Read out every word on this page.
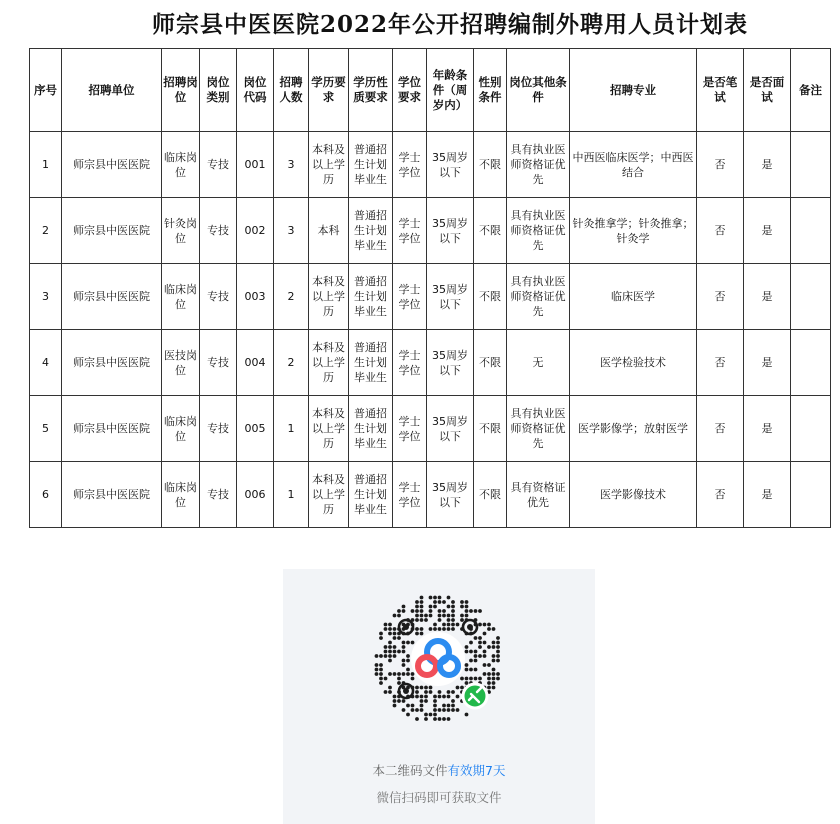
师宗县中医医院2022年公开招聘编制外聘用人员计划表
序号	招聘单位	招聘岗位	岗位类别	岗位代码	招聘人数	学历要求	学历性质要求	学位要求	年龄条件（周岁内）	性别条件	岗位其他条件	招聘专业	是否笔试	是否面试	备注
1	师宗县中医医院	临床岗位	专技	001	3	本科及以上学历	普通招生计划毕业生	学士学位	35周岁以下	不限	具有执业医师资格证优先	中西医临床医学；中西医结合	否	是	
2	师宗县中医医院	针灸岗位	专技	002	3	本科	普通招生计划毕业生	学士学位	35周岁以下	不限	具有执业医师资格证优先	针灸推拿学；针灸推拿；针灸学	否	是	
3	师宗县中医医院	临床岗位	专技	003	2	本科及以上学历	普通招生计划毕业生	学士学位	35周岁以下	不限	具有执业医师资格证优先	临床医学	否	是	
4	师宗县中医医院	医技岗位	专技	004	2	本科及以上学历	普通招生计划毕业生	学士学位	35周岁以下	不限	无	医学检验技术	否	是	
5	师宗县中医医院	临床岗位	专技	005	1	本科及以上学历	普通招生计划毕业生	学士学位	35周岁以下	不限	具有执业医师资格证优先	医学影像学；放射医学	否	是	
6	师宗县中医医院	临床岗位	专技	006	1	本科及以上学历	普通招生计划毕业生	学士学位	35周岁以下	不限	具有资格证优先	医学影像技术	否	是	
本二维码文件有效期7天
微信扫码即可获取文件
